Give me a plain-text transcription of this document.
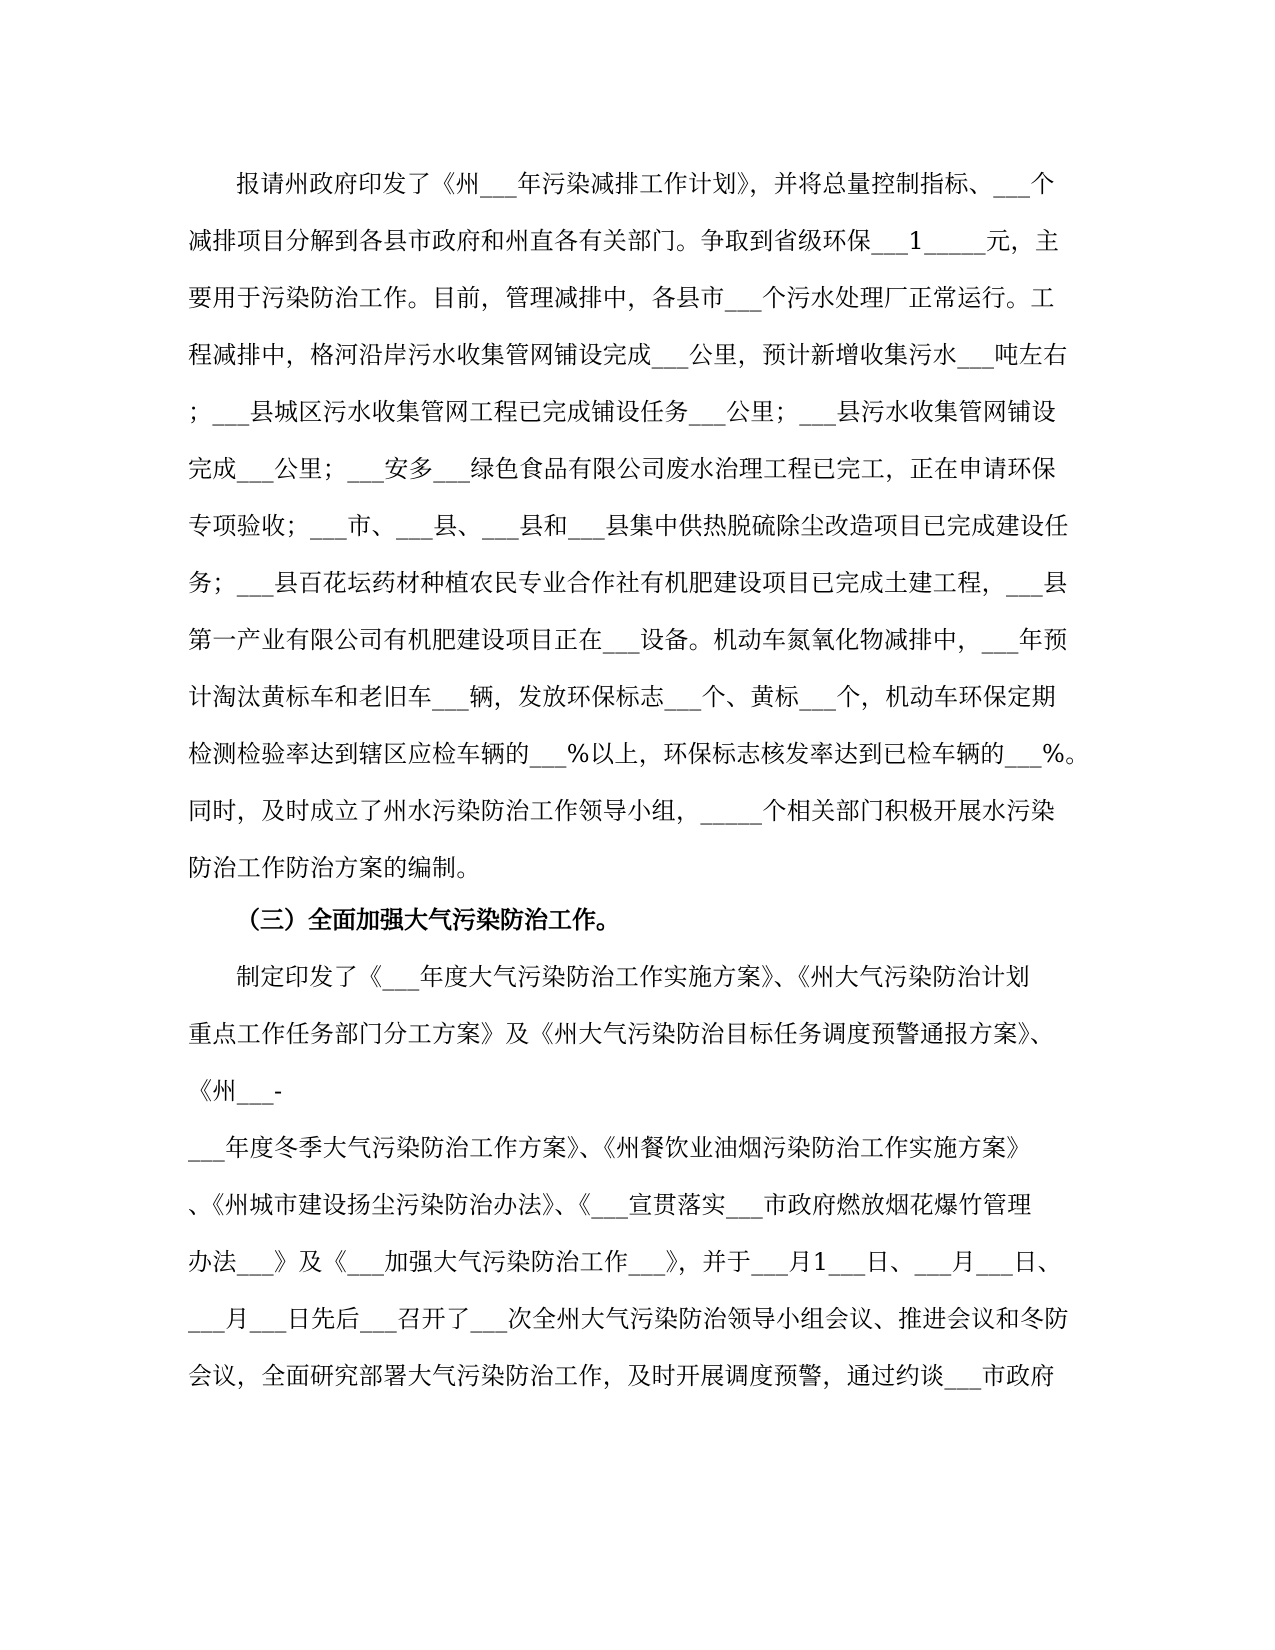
报请州政府印发了《州___年污染减排工作计划》，并将总量控制指标、___个
减排项目分解到各县市政府和州直各有关部门。争取到省级环保___1_____元，主
要用于污染防治工作。目前，管理减排中，各县市___个污水处理厂正常运行。工
程减排中，格河沿岸污水收集管网铺设完成___公里，预计新增收集污水___吨左右
；___县城区污水收集管网工程已完成铺设任务___公里；___县污水收集管网铺设
完成___公里；___安多___绿色食品有限公司废水治理工程已完工，正在申请环保
专项验收；___市、___县、___县和___县集中供热脱硫除尘改造项目已完成建设任
务；___县百花坛药材种植农民专业合作社有机肥建设项目已完成土建工程，___县
第一产业有限公司有机肥建设项目正在___设备。机动车氮氧化物减排中，___年预
计淘汰黄标车和老旧车___辆，发放环保标志___个、黄标___个，机动车环保定期
检测检验率达到辖区应检车辆的___%以上，环保标志核发率达到已检车辆的___%。
同时，及时成立了州水污染防治工作领导小组，_____个相关部门积极开展水污染
防治工作防治方案的编制。
（三）全面加强大气污染防治工作。
制定印发了《___年度大气污染防治工作实施方案》、《州大气污染防治计划
重点工作任务部门分工方案》及《州大气污染防治目标任务调度预警通报方案》、
《州___-
___年度冬季大气污染防治工作方案》、《州餐饮业油烟污染防治工作实施方案》
、《州城市建设扬尘污染防治办法》、《___宣贯落实___市政府燃放烟花爆竹管理
办法___》及《___加强大气污染防治工作___》，并于___月1___日、___月___日、
___月___日先后___召开了___次全州大气污染防治领导小组会议、推进会议和冬防
会议，全面研究部署大气污染防治工作，及时开展调度预警，通过约谈___市政府
